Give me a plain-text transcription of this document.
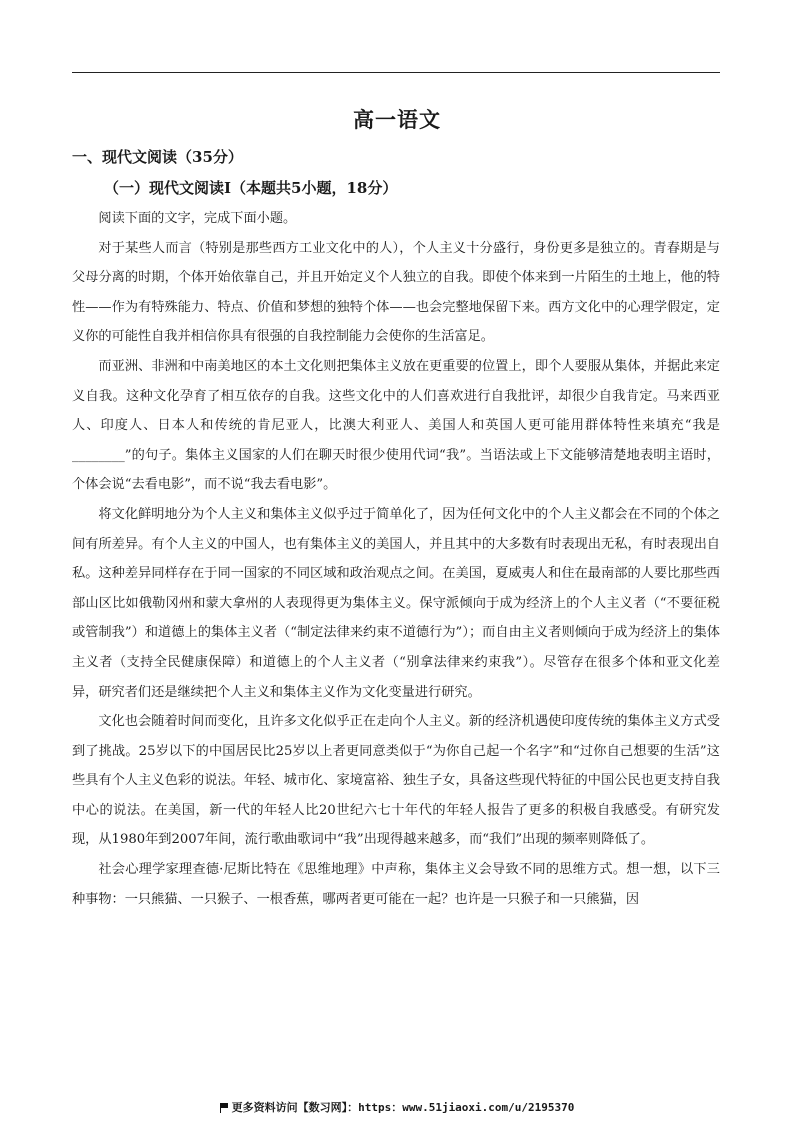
高一语文
一、现代文阅读（35分）
（一）现代文阅读Ⅰ（本题共5小题，18分）

阅读下面的文字，完成下面小题。

对于某些人而言（特别是那些西方工业文化中的人），个人主义十分盛行，身份更多是独立的。青春期是与父母分离的时期，个体开始依靠自己，并且开始定义个人独立的自我。即使个体来到一片陌生的土地上，他的特性——作为有特殊能力、特点、价值和梦想的独特个体——也会完整地保留下来。西方文化中的心理学假定，定义你的可能性自我并相信你具有很强的自我控制能力会使你的生活富足。

而亚洲、非洲和中南美地区的本土文化则把集体主义放在更重要的位置上，即个人要服从集体，并据此来定义自我。这种文化孕育了相互依存的自我。这些文化中的人们喜欢进行自我批评，却很少自我肯定。马来西亚人、印度人、日本人和传统的肯尼亚人，比澳大利亚人、美国人和英国人更可能用群体特性来填充“我是________”的句子。集体主义国家的人们在聊天时很少使用代词“我”。当语法或上下文能够清楚地表明主语时，个体会说“去看电影”，而不说“我去看电影”。

将文化鲜明地分为个人主义和集体主义似乎过于简单化了，因为任何文化中的个人主义都会在不同的个体之间有所差异。有个人主义的中国人，也有集体主义的美国人，并且其中的大多数有时表现出无私，有时表现出自私。这种差异同样存在于同一国家的不同区域和政治观点之间。在美国，夏威夷人和住在最南部的人要比那些西部山区比如俄勒冈州和蒙大拿州的人表现得更为集体主义。保守派倾向于成为经济上的个人主义者（“不要征税或管制我”）和道德上的集体主义者（“制定法律来约束不道德行为”）；而自由主义者则倾向于成为经济上的集体主义者（支持全民健康保障）和道德上的个人主义者（“别拿法律来约束我”）。尽管存在很多个体和亚文化差异，研究者们还是继续把个人主义和集体主义作为文化变量进行研究。

文化也会随着时间而变化，且许多文化似乎正在走向个人主义。新的经济机遇使印度传统的集体主义方式受到了挑战。25岁以下的中国居民比25岁以上者更同意类似于“为你自己起一个名字”和“过你自己想要的生活”这些具有个人主义色彩的说法。年轻、城市化、家境富裕、独生子女，具备这些现代特征的中国公民也更支持自我中心的说法。在美国，新一代的年轻人比20世纪六七十年代的年轻人报告了更多的积极自我感受。有研究发现，从1980年到2007年间，流行歌曲歌词中“我”出现得越来越多，而“我们”出现的频率则降低了。

社会心理学家理查德·尼斯比特在《思维地理》中声称，集体主义会导致不同的思维方式。想一想，以下三种事物：一只熊猫、一只猴子、一根香蕉，哪两者更可能在一起？也许是一只猴子和一只熊猫，因

更多资料访问【数习网】：https：www.51jiaoxi.com/u/2195370
